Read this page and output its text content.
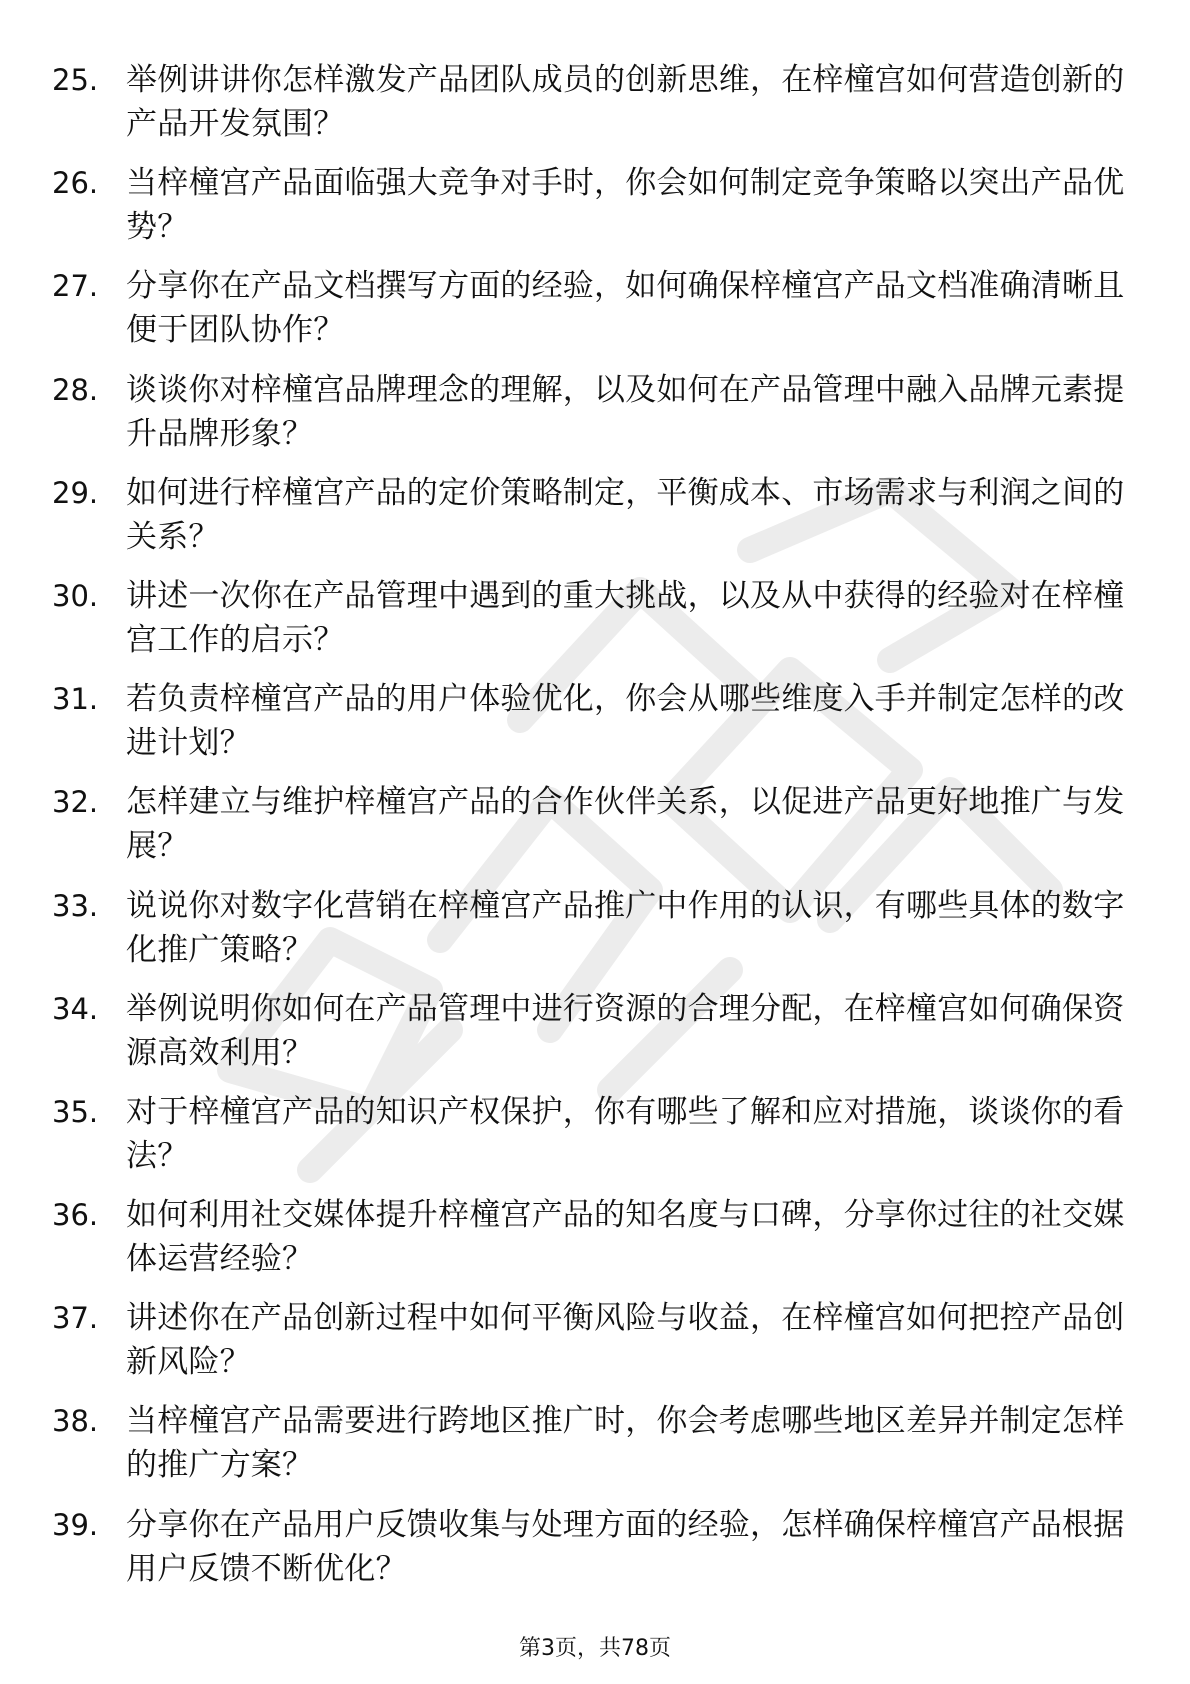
25. 举例讲讲你怎样激发产品团队成员的创新思维，在梓橦宫如何营造创新的产品开发氛围？
26. 当梓橦宫产品面临强大竞争对手时，你会如何制定竞争策略以突出产品优势？
27. 分享你在产品文档撰写方面的经验，如何确保梓橦宫产品文档准确清晰且便于团队协作？
28. 谈谈你对梓橦宫品牌理念的理解，以及如何在产品管理中融入品牌元素提升品牌形象？
29. 如何进行梓橦宫产品的定价策略制定，平衡成本、市场需求与利润之间的关系？
30. 讲述一次你在产品管理中遇到的重大挑战，以及从中获得的经验对在梓橦宫工作的启示？
31. 若负责梓橦宫产品的用户体验优化，你会从哪些维度入手并制定怎样的改进计划？
32. 怎样建立与维护梓橦宫产品的合作伙伴关系，以促进产品更好地推广与发展？
33. 说说你对数字化营销在梓橦宫产品推广中作用的认识，有哪些具体的数字化推广策略？
34. 举例说明你如何在产品管理中进行资源的合理分配，在梓橦宫如何确保资源高效利用？
35. 对于梓橦宫产品的知识产权保护，你有哪些了解和应对措施，谈谈你的看法？
36. 如何利用社交媒体提升梓橦宫产品的知名度与口碑，分享你过往的社交媒体运营经验？
37. 讲述你在产品创新过程中如何平衡风险与收益，在梓橦宫如何把控产品创新风险？
38. 当梓橦宫产品需要进行跨地区推广时，你会考虑哪些地区差异并制定怎样的推广方案？
39. 分享你在产品用户反馈收集与处理方面的经验，怎样确保梓橦宫产品根据用户反馈不断优化？
第3页，共78页
